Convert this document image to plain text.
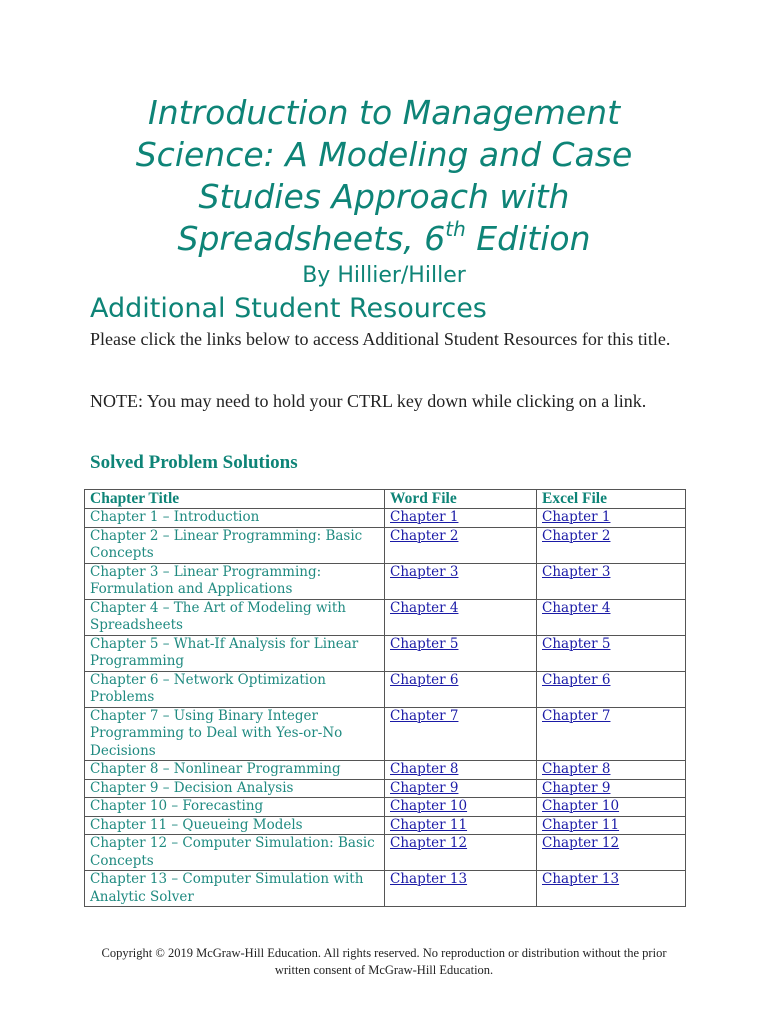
Introduction to Management Science: A Modeling and Case Studies Approach with Spreadsheets, 6th Edition
By Hillier/Hiller
Additional Student Resources

Please click the links below to access Additional Student Resources for this title.

NOTE: You may need to hold your CTRL key down while clicking on a link.

Solved Problem Solutions
Chapter Title	Word File	Excel File
Chapter 1 – Introduction	Chapter 1	Chapter 1
Chapter 2 – Linear Programming: Basic Concepts	Chapter 2	Chapter 2
Chapter 3 – Linear Programming: Formulation and Applications	Chapter 3	Chapter 3
Chapter 4 – The Art of Modeling with Spreadsheets	Chapter 4	Chapter 4
Chapter 5 – What-If Analysis for Linear Programming	Chapter 5	Chapter 5
Chapter 6 – Network Optimization Problems	Chapter 6	Chapter 6
Chapter 7 – Using Binary Integer Programming to Deal with Yes-or-No Decisions	Chapter 7	Chapter 7
Chapter 8 – Nonlinear Programming	Chapter 8	Chapter 8
Chapter 9 – Decision Analysis	Chapter 9	Chapter 9
Chapter 10 – Forecasting	Chapter 10	Chapter 10
Chapter 11 – Queueing Models	Chapter 11	Chapter 11
Chapter 12 – Computer Simulation: Basic Concepts	Chapter 12	Chapter 12
Chapter 13 – Computer Simulation with Analytic Solver	Chapter 13	Chapter 13
Copyright © 2019 McGraw-Hill Education. All rights reserved. No reproduction or distribution without the prior written consent of McGraw-Hill Education.
